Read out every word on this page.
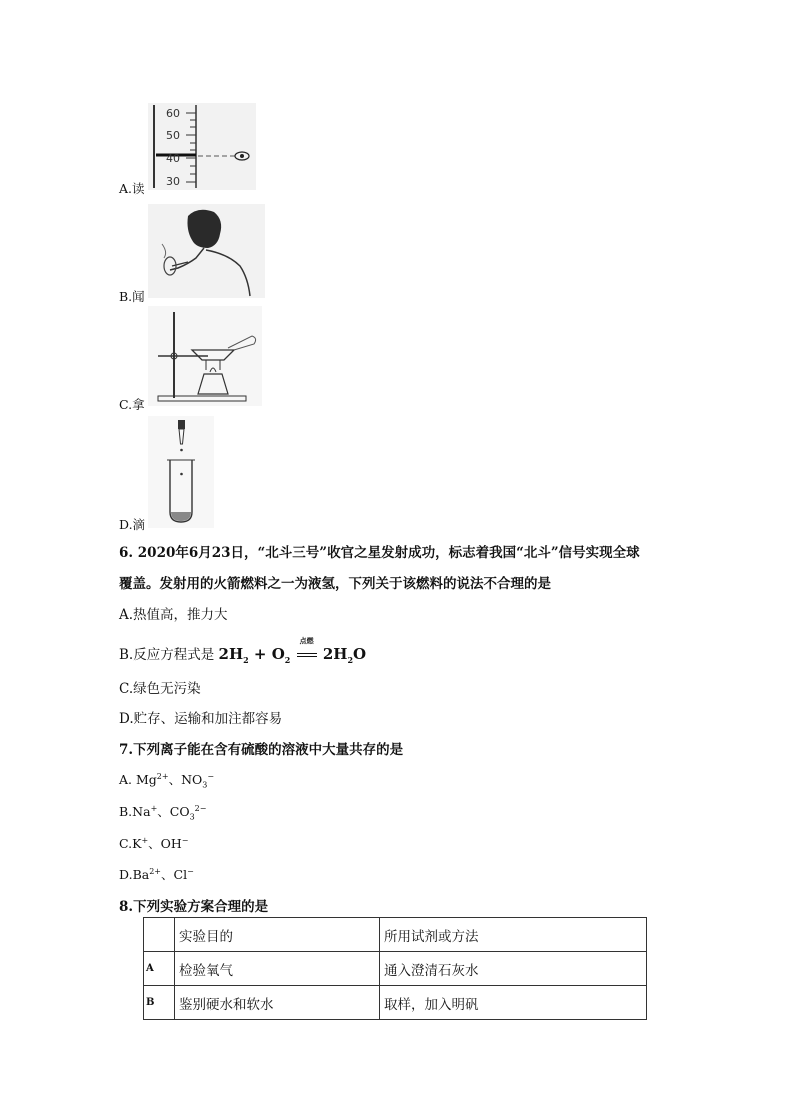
60
50
40
30
A.读
B.闻
C.拿
D.滴
6. 2020年6月23日，“北斗三号”收官之星发射成功，标志着我国“北斗”信号实现全球
覆盖。发射用的火箭燃料之一为液氢，下列关于该燃料的说法不合理的是
A.热值高，推力大
B.反应方程式是 $2H_2 + O_2$
点燃
$2H_2O$
C.绿色无污染
D.贮存、运输和加注都容易
7.下列离子能在含有硫酸的溶液中大量共存的是
A. $Mg^{2+}$、$NO_3^-$
B.Na+、$CO_3^{2-}$
C.K+、OH−
$D.Ba^{2+}$、Cl−
8.下列实验方案合理的是
	实验目的	所用试剂或方法
A	检验氧气	通入澄清石灰水
B	鉴别硬水和软水	取样，加入明矾
